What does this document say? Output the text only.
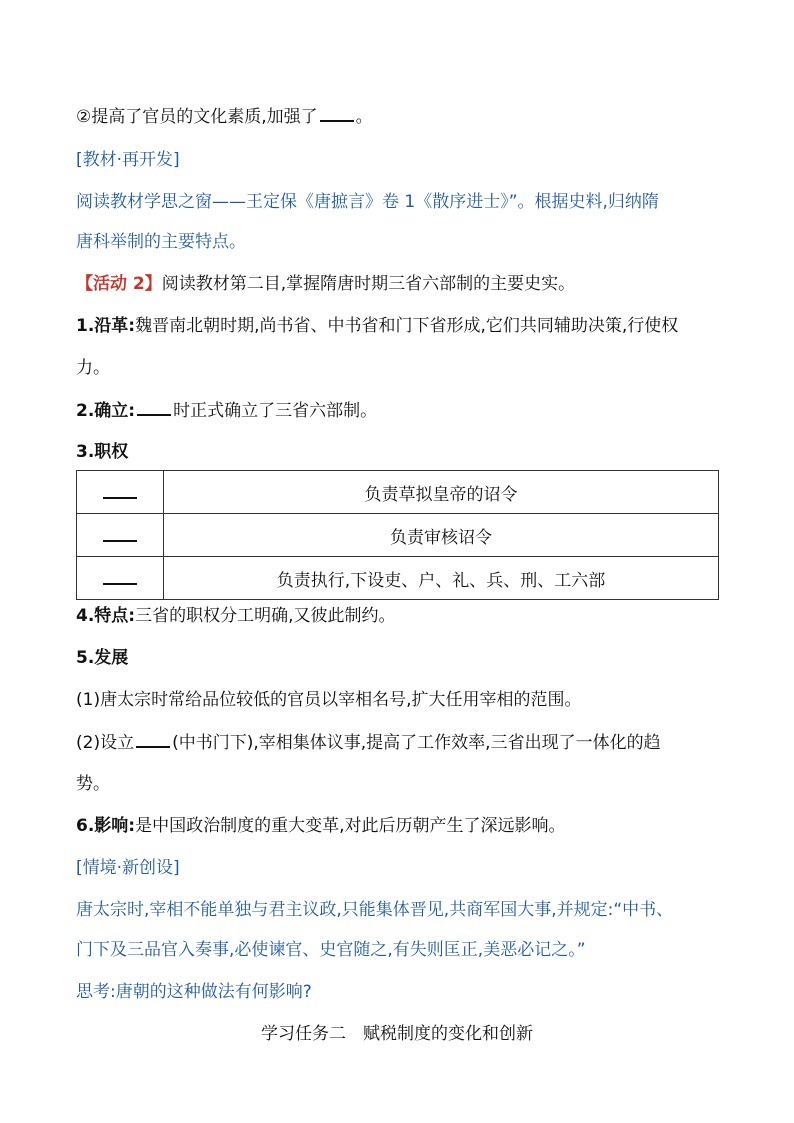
②提高了官员的文化素质,加强了 。
[教材·再开发]
阅读教材学思之窗——王定保《唐摭言》卷 1《散序进士》”。根据史料,归纳隋
唐科举制的主要特点。
【活动 2】阅读教材第二目,掌握隋唐时期三省六部制的主要史实。
1.沿革:魏晋南北朝时期,尚书省、中书省和门下省形成,它们共同辅助决策,行使权
力。
2.确立: 时正式确立了三省六部制。
3.职权
	负责草拟皇帝的诏令
	负责审核诏令
	负责执行,下设吏、户、礼、兵、刑、工六部
4.特点:三省的职权分工明确,又彼此制约。
5.发展
(1)唐太宗时常给品位较低的官员以宰相名号,扩大任用宰相的范围。
(2)设立 (中书门下),宰相集体议事,提高了工作效率,三省出现了一体化的趋
势。
6.影响:是中国政治制度的重大变革,对此后历朝产生了深远影响。
[情境·新创设]
唐太宗时,宰相不能单独与君主议政,只能集体晋见,共商军国大事,并规定:“中书、
门下及三品官入奏事,必使谏官、史官随之,有失则匡正,美恶必记之。”
思考:唐朝的这种做法有何影响?
学习任务二　赋税制度的变化和创新
